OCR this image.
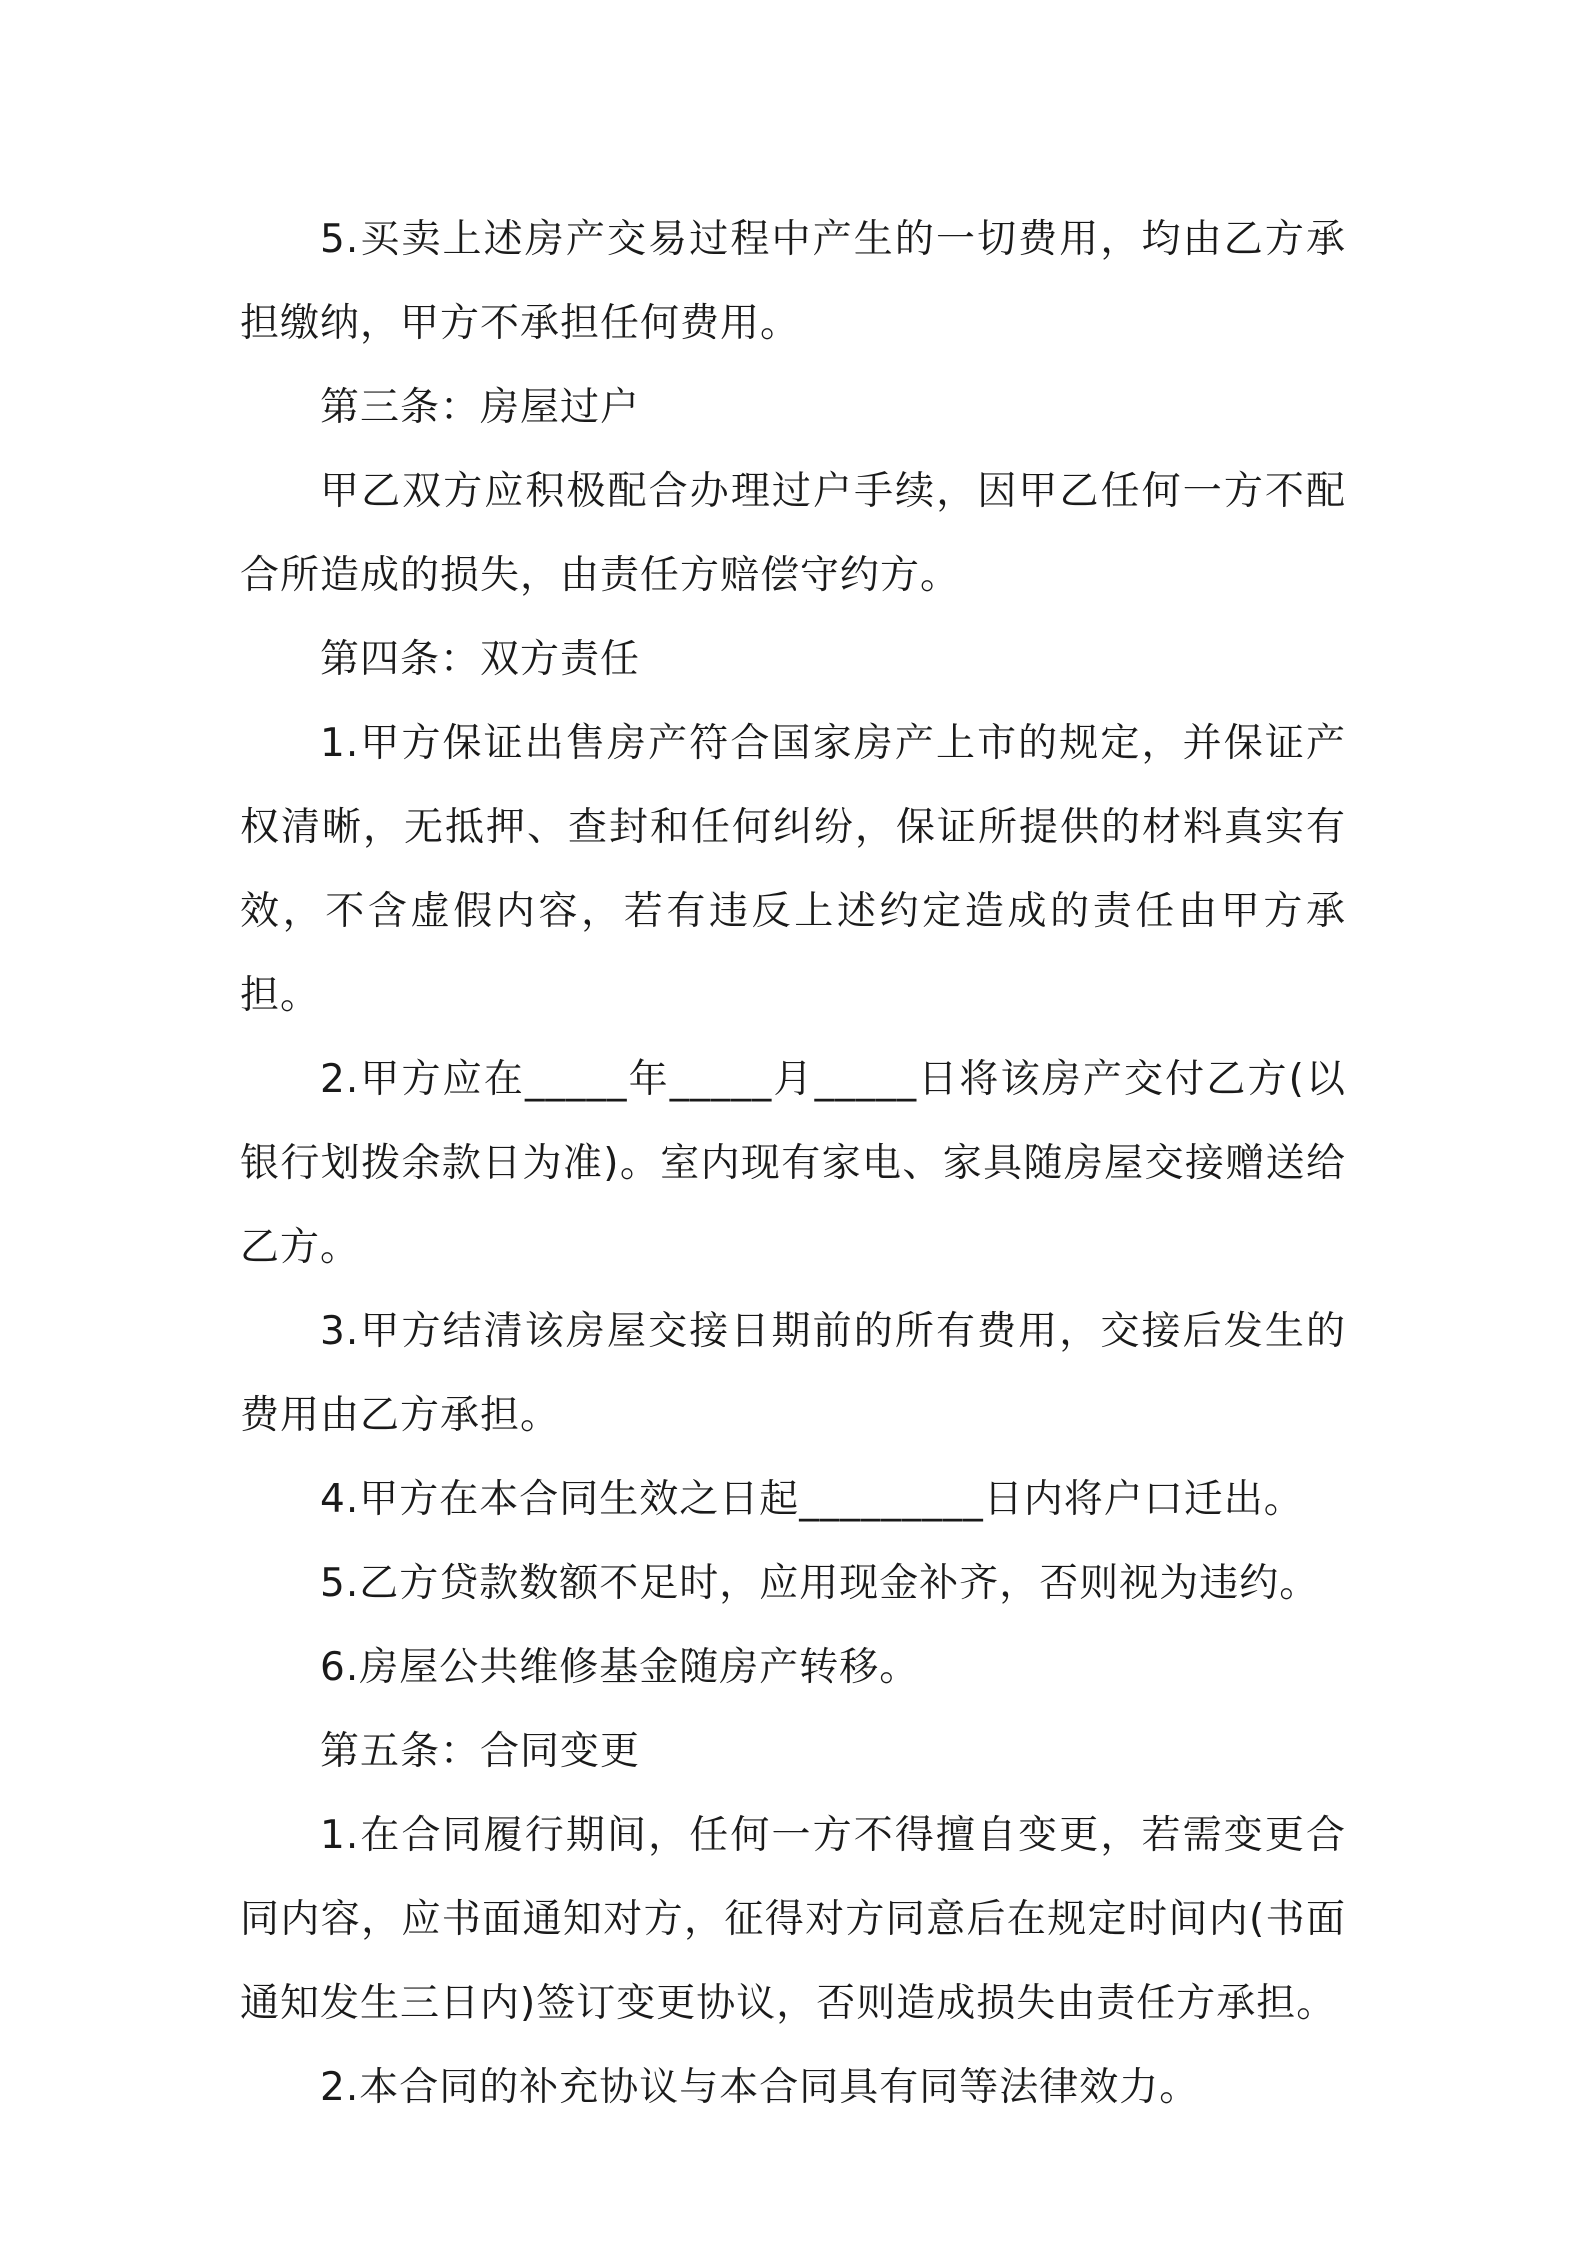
5.买卖上述房产交易过程中产生的一切费用，均由乙方承担缴纳，甲方不承担任何费用。

第三条：房屋过户

甲乙双方应积极配合办理过户手续，因甲乙任何一方不配合所造成的损失，由责任方赔偿守约方。

第四条：双方责任

1.甲方保证出售房产符合国家房产上市的规定，并保证产权清晰，无抵押、查封和任何纠纷，保证所提供的材料真实有效，不含虚假内容，若有违反上述约定造成的责任由甲方承担。

2.甲方应在_____年_____月_____日将该房产交付乙方(以银行划拨余款日为准)。室内现有家电、家具随房屋交接赠送给乙方。

3.甲方结清该房屋交接日期前的所有费用，交接后发生的费用由乙方承担。

4.甲方在本合同生效之日起_________日内将户口迁出。

5.乙方贷款数额不足时，应用现金补齐，否则视为违约。

6.房屋公共维修基金随房产转移。

第五条：合同变更

1.在合同履行期间，任何一方不得擅自变更，若需变更合同内容，应书面通知对方，征得对方同意后在规定时间内(书面通知发生三日内)签订变更协议，否则造成损失由责任方承担。

2.本合同的补充协议与本合同具有同等法律效力。
